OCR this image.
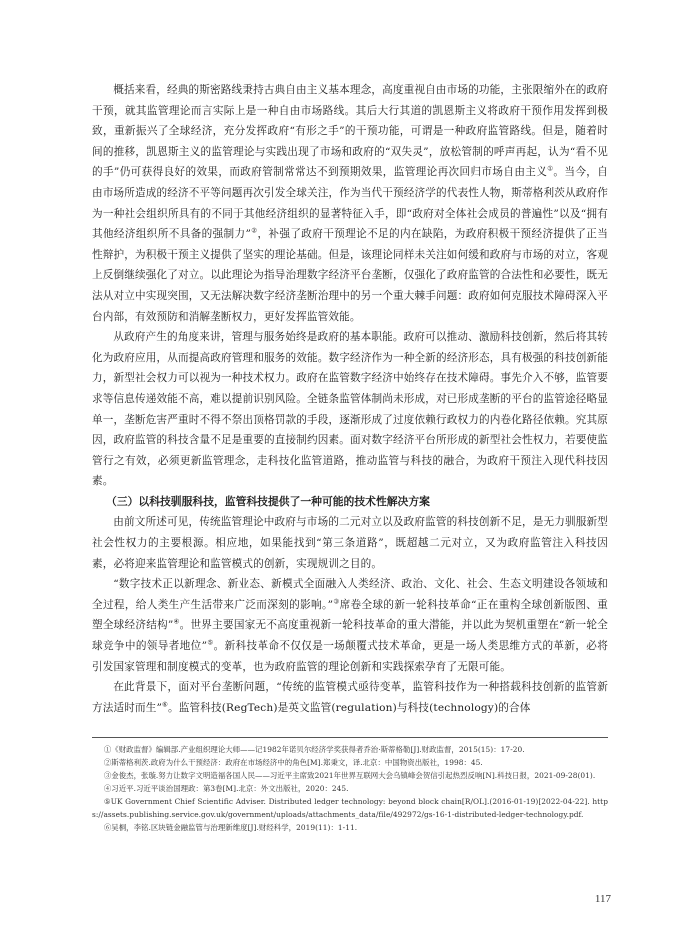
概括来看，经典的斯密路线秉持古典自由主义基本理念，高度重视自由市场的功能，主张限缩外在的政府干预，就其监管理论而言实际上是一种自由市场路线。其后大行其道的凯恩斯主义将政府干预作用发挥到极致，重新振兴了全球经济，充分发挥政府“有形之手”的干预功能，可谓是一种政府监管路线。但是，随着时间的推移，凯恩斯主义的监管理论与实践出现了市场和政府的“双失灵”，放松管制的呼声再起，认为“看不见的手”仍可获得良好的效果，而政府管制常常达不到预期效果，监管理论再次回归市场自由主义①。当今，自由市场所造成的经济不平等问题再次引发全球关注，作为当代干预经济学的代表性人物，斯蒂格利茨从政府作为一种社会组织所具有的不同于其他经济组织的显著特征入手，即“政府对全体社会成员的普遍性”以及“拥有其他经济组织所不具备的强制力”②，补强了政府干预理论不足的内在缺陷，为政府积极干预经济提供了正当性辩护，为积极干预主义提供了坚实的理论基础。但是，该理论同样未关注如何缓和政府与市场的对立，客观上反倒继续强化了对立。以此理论为指导治理数字经济平台垄断，仅强化了政府监管的合法性和必要性，既无法从对立中实现突围，又无法解决数字经济垄断治理中的另一个重大棘手问题：政府如何克服技术障碍深入平台内部，有效预防和消解垄断权力，更好发挥监管效能。

从政府产生的角度来讲，管理与服务始终是政府的基本职能。政府可以推动、激励科技创新，然后将其转化为政府应用，从而提高政府管理和服务的效能。数字经济作为一种全新的经济形态，具有极强的科技创新能力，新型社会权力可以视为一种技术权力。政府在监管数字经济中始终存在技术障碍。事先介入不够，监管要求等信息传递效能不高，难以提前识别风险。全链条监管体制尚未形成，对已形成垄断的平台的监管途径略显单一，垄断危害严重时不得不祭出顶格罚款的手段，逐渐形成了过度依赖行政权力的内卷化路径依赖。究其原因，政府监管的科技含量不足是重要的直接制约因素。面对数字经济平台所形成的新型社会性权力，若要使监管行之有效，必须更新监管理念，走科技化监管道路，推动监管与科技的融合，为政府干预注入现代科技因素。

（三）以科技驯服科技，监管科技提供了一种可能的技术性解决方案

由前文所述可见，传统监管理论中政府与市场的二元对立以及政府监管的科技创新不足，是无力驯服新型社会性权力的主要根源。相应地，如果能找到“第三条道路”，既超越二元对立，又为政府监管注入科技因素，必将迎来监管理论和监管模式的创新，实现规训之目的。

“数字技术正以新理念、新业态、新模式全面融入人类经济、政治、文化、社会、生态文明建设各领域和全过程，给人类生产生活带来广泛而深刻的影响。”③席卷全球的新一轮科技革命“正在重构全球创新版图、重塑全球经济结构”④。世界主要国家无不高度重视新一轮科技革命的重大潜能，并以此为契机重塑在“新一轮全球竞争中的领导者地位”⑤。新科技革命不仅仅是一场颠覆式技术革命，更是一场人类思维方式的革新，必将引发国家管理和制度模式的变革，也为政府监管的理论创新和实践探索孕育了无限可能。

在此背景下，面对平台垄断问题，“传统的监管模式亟待变革，监管科技作为一种搭载科技创新的监管新方法适时而生”⑥。监管科技(RegTech)是英文监管(regulation)与科技(technology)的合体

①《财政监督》编辑部.产业组织理论大师——记1982年诺贝尔经济学奖获得者乔治·斯蒂格勒[J].财政监督，2015(15)：17-20.

②斯蒂格利茨.政府为什么干预经济：政府在市场经济中的角色[M].郑秉文，译.北京：中国物资出版社，1998：45.

③金俊杰，张璇.努力让数字文明造福各国人民——习近平主席致2021年世界互联网大会乌镇峰会贺信引起热烈反响[N].科技日报，2021-09-28(01).

④习近平.习近平谈治国理政：第3卷[M].北京：外文出版社，2020：245.

⑤UK Government Chief Scientific Adviser. Distributed ledger technology: beyond block chain[R/OL].(2016-01-19)[2022-04-22]. https://assets.publishing.service.gov.uk/government/uploads/attachments_data/file/492972/gs-16-1-distributed-ledger-technology.pdf.

⑥吴桐，李铭.区块链金融监管与治理新维度[J].财经科学，2019(11)：1-11.

117
